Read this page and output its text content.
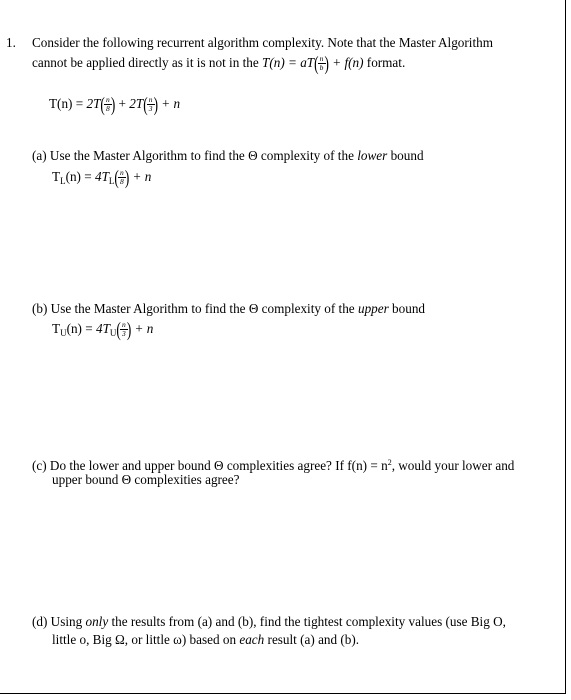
1. Consider the following recurrent algorithm complexity. Note that the Master Algorithm
cannot be applied directly as it is not in the $T(n) = aT( \frac{n}{b}$ ) + f(n) format.
$T(n) = 2T( \frac{n}{8}$ ) + $2T( \frac{n}{3}$ ) + n
(a) Use the Master Algorithm to find the Θ complexity of the lower bound
$T_L(n) = 4T_L( \frac{n}{8}$ ) + n
(b) Use the Master Algorithm to find the Θ complexity of the upper bound
$T_U(n) = 4T_U( \frac{n}{3}$ ) + n
(c) Do the lower and upper bound Θ complexities agree? If $f(n) = n^2$, would your lower and
upper bound Θ complexities agree?
(d) Using only the results from (a) and (b), find the tightest complexity values (use Big O,
little o, Big Ω, or little ω) based on each result (a) and (b).
